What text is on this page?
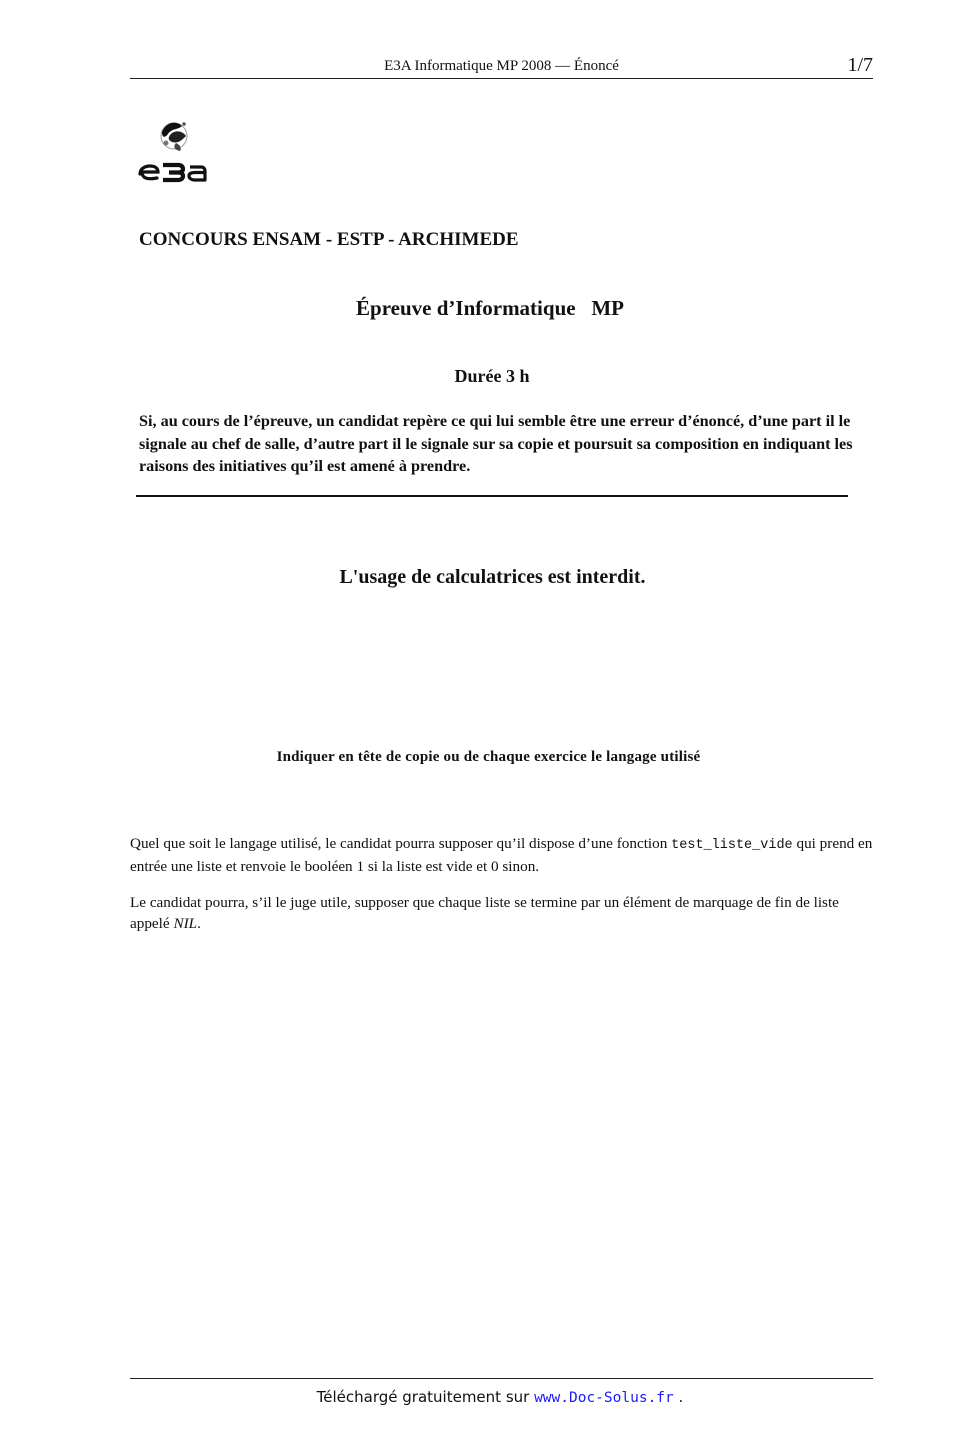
E3A Informatique MP 2008 — Énoncé	1/7
CONCOURS ENSAM - ESTP - ARCHIMEDE
Épreuve d’Informatique   MP
Durée 3 h
Si, au cours de l’épreuve, un candidat repère ce qui lui semble être une erreur d’énoncé, d’une part il le signale au chef de salle, d’autre part il le signale sur sa copie et poursuit sa composition en indiquant les raisons des initiatives qu’il est amené à prendre.
L'usage de calculatrices est interdit.
Indiquer en tête de copie ou de chaque exercice le langage utilisé
Quel que soit le langage utilisé, le candidat pourra supposer qu’il dispose d’une fonction test_liste_vide qui prend en entrée une liste et renvoie le booléen 1 si la liste est vide et 0 sinon.
Le candidat pourra, s’il le juge utile, supposer que chaque liste se termine par un élément de marquage de fin de liste appelé NIL.
Téléchargé gratuitement sur www.Doc-Solus.fr .
